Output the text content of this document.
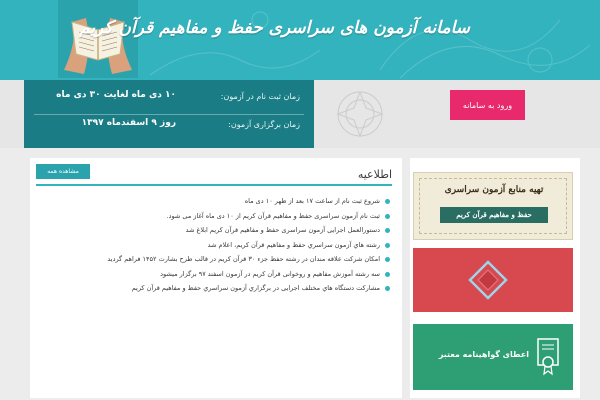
سامانه آزمون های سراسری حفظ و مفاهیم قرآن کریم
زمان ثبت نام در آزمون:
۱۰ دی ماه لغایت ۳۰ دی ماه
زمان برگزاری آزمون:
روز ۹ اسفندماه ۱۳۹۷
ورود به سامانه
اطلاعیه
مشاهده همه
شروع ثبت نام از ساعت ۱۷ بعد از ظهر ۱۰ دی ماه
ثبت نام آزمون سراسری حفظ و مفاهیم قرآن کریم از ۱۰ دی ماه آغاز می شود.
دستورالعمل اجرایی آزمون سراسری حفظ و مفاهیم قرآن کریم ابلاغ شد
رشته هاي آزمون سراسري حفظ و مفاهيم قرآن كريم، اعلام شد
امکان شرکت علاقه مندان در رشته حفظ جزء ۳۰ قرآن کریم در قالب طرح بشارت ۱۴۵۲ فراهم گردید
سه رشته آموزش مفاهیم و روخوانی قرآن کریم در آزمون اسفند ۹۷ برگزار میشود
مشارکت دستگاه هاي مختلف اجرایی در برگزاري آزمون سراسري حفظ و مفاهيم قرآن كريم
تهیه منابع آزمون سراسری
حفظ و مفاهیم قرآن کریم
اعطای گواهینامه معتبر
